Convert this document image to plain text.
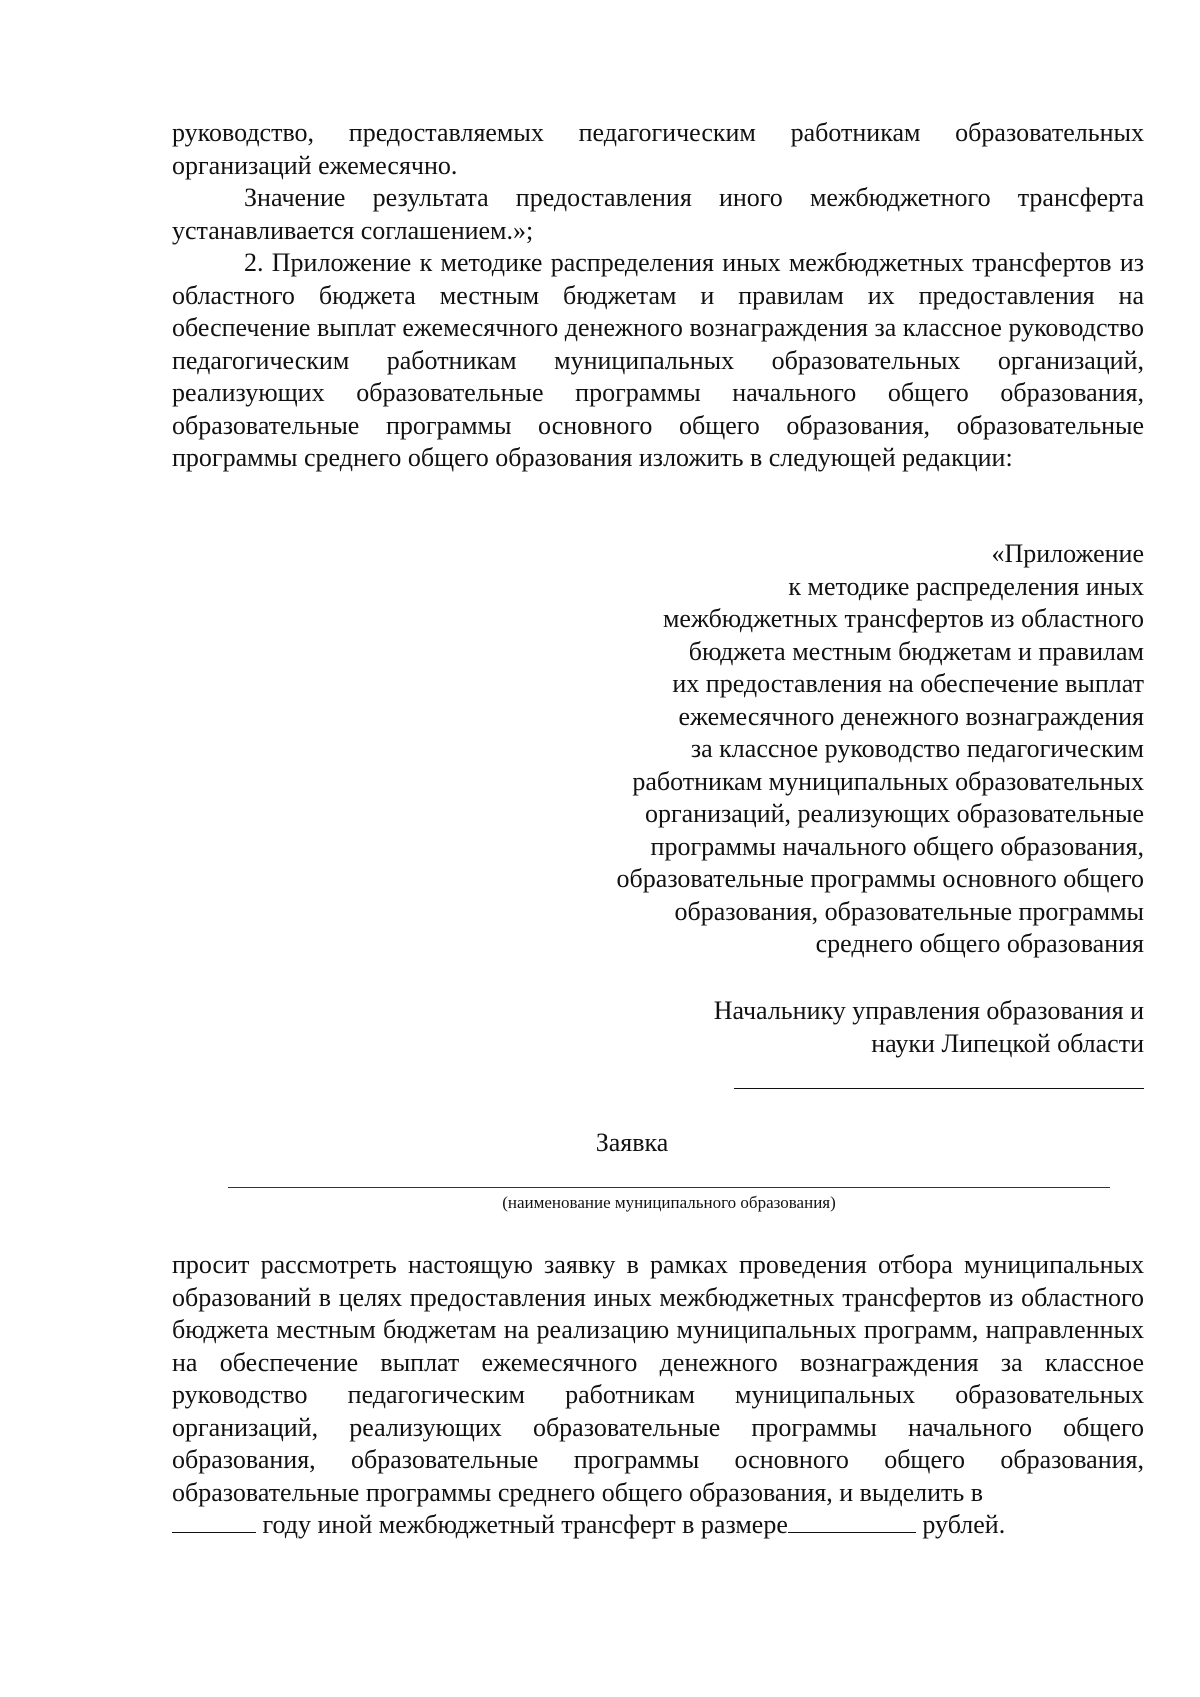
руководство, предоставляемых педагогическим работникам образовательных организаций ежемесячно.

Значение результата предоставления иного межбюджетного трансферта устанавливается соглашением.»;

2. Приложение к методике распределения иных межбюджетных трансфертов из областного бюджета местным бюджетам и правилам их предоставления на обеспечение выплат ежемесячного денежного вознаграждения за классное руководство педагогическим работникам муниципальных образовательных организаций, реализующих образовательные программы начального общего образования, образовательные программы основного общего образования, образовательные программы среднего общего образования изложить в следующей редакции:

«Приложение
к методике распределения иных
межбюджетных трансфертов из областного
бюджета местным бюджетам и правилам
их предоставления на обеспечение выплат
ежемесячного денежного вознаграждения
за классное руководство педагогическим
работникам муниципальных образовательных
организаций, реализующих образовательные
программы начального общего образования,
образовательные программы основного общего
образования, образовательные программы
среднего общего образования
Начальнику управления образования и
науки Липецкой области
Заявка
(наименование муниципального образования)

просит рассмотреть настоящую заявку в рамках проведения отбора муниципальных образований в целях предоставления иных межбюджетных трансфертов из областного бюджета местным бюджетам на реализацию муниципальных программ, направленных на обеспечение выплат ежемесячного денежного вознаграждения за классное руководство педагогическим работникам муниципальных образовательных организаций, реализующих образовательные программы начального общего образования, образовательные программы основного общего образования, образовательные программы среднего общего образования, и выделить в

году иной межбюджетный трансферт в размере	рублей.
